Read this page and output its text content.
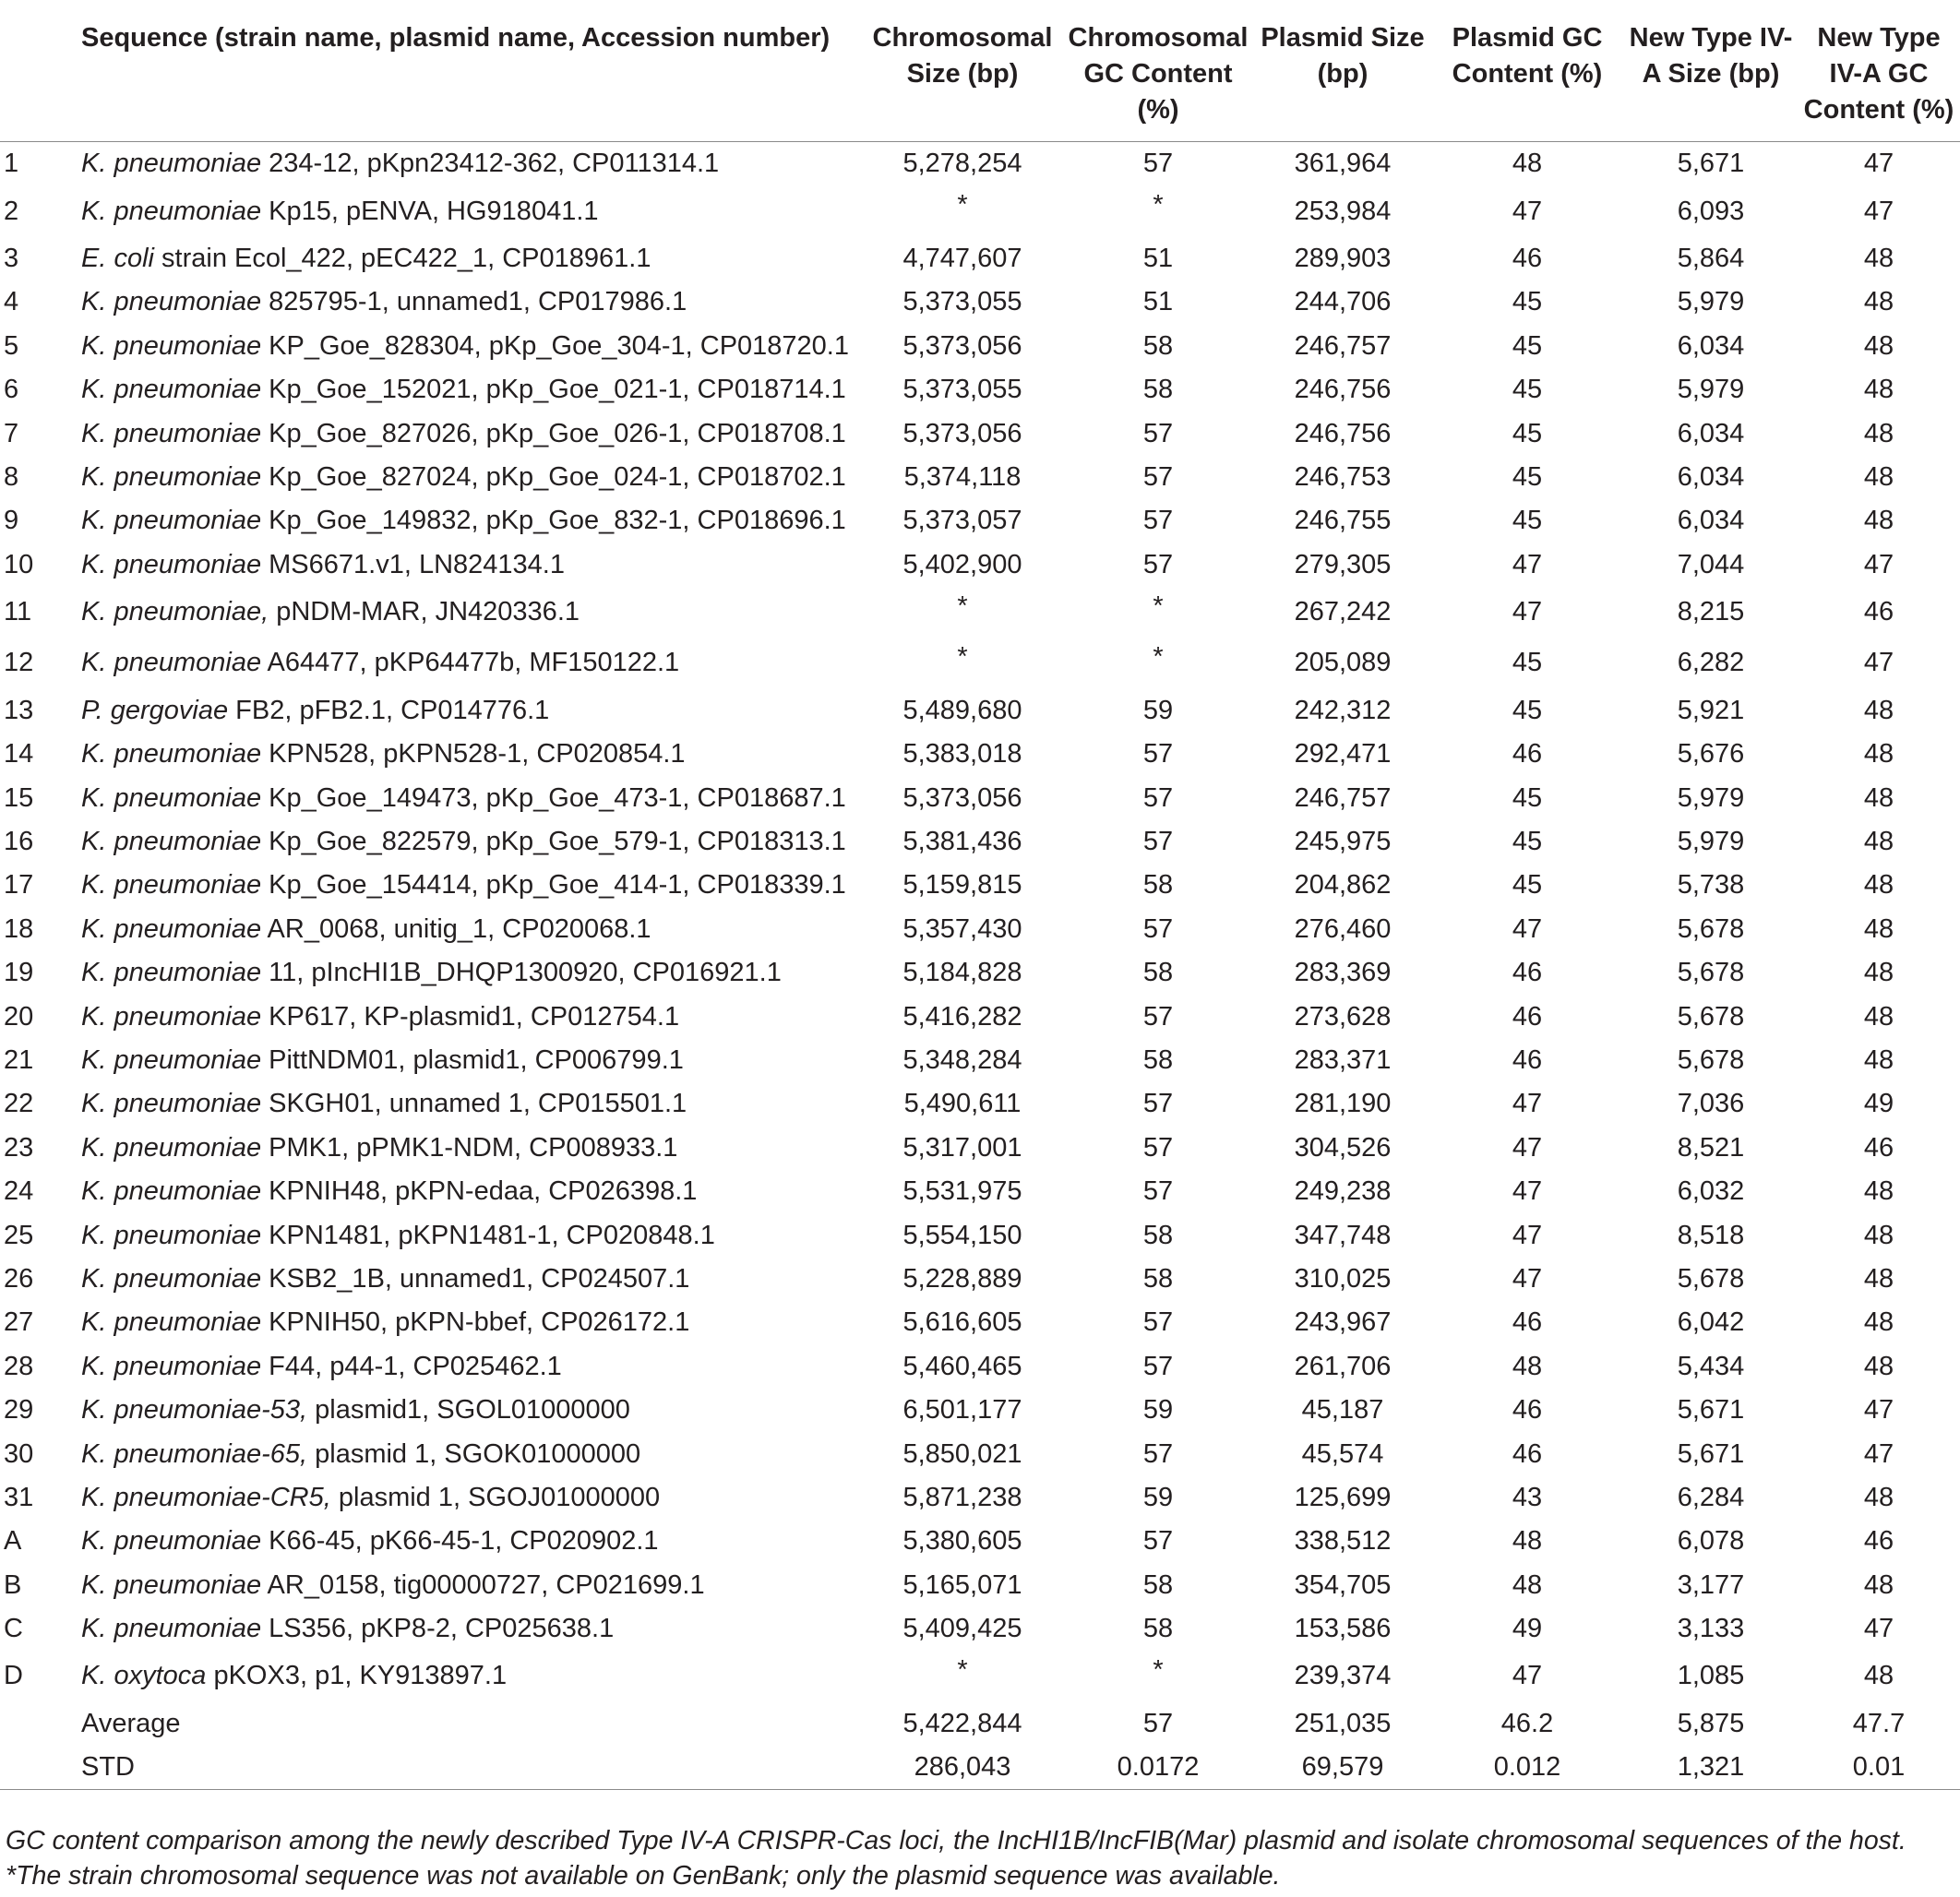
	Sequence (strain name, plasmid name, Accession number)	Chromosomal Size (bp)	Chromosomal GC Content (%)	Plasmid Size (bp)	Plasmid GC Content (%)	New Type IV-A Size (bp)	New Type IV-A GC Content (%)
1	K. pneumoniae 234-12, pKpn23412-362, CP011314.1	5,278,254	57	361,964	48	5,671	47
2	K. pneumoniae Kp15, pENVA, HG918041.1	*	*	253,984	47	6,093	47
3	E. coli strain Ecol_422, pEC422_1, CP018961.1	4,747,607	51	289,903	46	5,864	48
4	K. pneumoniae 825795-1, unnamed1, CP017986.1	5,373,055	51	244,706	45	5,979	48
5	K. pneumoniae KP_Goe_828304, pKp_Goe_304-1, CP018720.1	5,373,056	58	246,757	45	6,034	48
6	K. pneumoniae Kp_Goe_152021, pKp_Goe_021-1, CP018714.1	5,373,055	58	246,756	45	5,979	48
7	K. pneumoniae Kp_Goe_827026, pKp_Goe_026-1, CP018708.1	5,373,056	57	246,756	45	6,034	48
8	K. pneumoniae Kp_Goe_827024, pKp_Goe_024-1, CP018702.1	5,374,118	57	246,753	45	6,034	48
9	K. pneumoniae Kp_Goe_149832, pKp_Goe_832-1, CP018696.1	5,373,057	57	246,755	45	6,034	48
10	K. pneumoniae MS6671.v1, LN824134.1	5,402,900	57	279,305	47	7,044	47
11	K. pneumoniae, pNDM-MAR, JN420336.1	*	*	267,242	47	8,215	46
12	K. pneumoniae A64477, pKP64477b, MF150122.1	*	*	205,089	45	6,282	47
13	P. gergoviae FB2, pFB2.1, CP014776.1	5,489,680	59	242,312	45	5,921	48
14	K. pneumoniae KPN528, pKPN528-1, CP020854.1	5,383,018	57	292,471	46	5,676	48
15	K. pneumoniae Kp_Goe_149473, pKp_Goe_473-1, CP018687.1	5,373,056	57	246,757	45	5,979	48
16	K. pneumoniae Kp_Goe_822579, pKp_Goe_579-1, CP018313.1	5,381,436	57	245,975	45	5,979	48
17	K. pneumoniae Kp_Goe_154414, pKp_Goe_414-1, CP018339.1	5,159,815	58	204,862	45	5,738	48
18	K. pneumoniae AR_0068, unitig_1, CP020068.1	5,357,430	57	276,460	47	5,678	48
19	K. pneumoniae 11, pIncHI1B_DHQP1300920, CP016921.1	5,184,828	58	283,369	46	5,678	48
20	K. pneumoniae KP617, KP-plasmid1, CP012754.1	5,416,282	57	273,628	46	5,678	48
21	K. pneumoniae PittNDM01, plasmid1, CP006799.1	5,348,284	58	283,371	46	5,678	48
22	K. pneumoniae SKGH01, unnamed 1, CP015501.1	5,490,611	57	281,190	47	7,036	49
23	K. pneumoniae PMK1, pPMK1-NDM, CP008933.1	5,317,001	57	304,526	47	8,521	46
24	K. pneumoniae KPNIH48, pKPN-edaa, CP026398.1	5,531,975	57	249,238	47	6,032	48
25	K. pneumoniae KPN1481, pKPN1481-1, CP020848.1	5,554,150	58	347,748	47	8,518	48
26	K. pneumoniae KSB2_1B, unnamed1, CP024507.1	5,228,889	58	310,025	47	5,678	48
27	K. pneumoniae KPNIH50, pKPN-bbef, CP026172.1	5,616,605	57	243,967	46	6,042	48
28	K. pneumoniae F44, p44-1, CP025462.1	5,460,465	57	261,706	48	5,434	48
29	K. pneumoniae-53, plasmid1, SGOL01000000	6,501,177	59	45,187	46	5,671	47
30	K. pneumoniae-65, plasmid 1, SGOK01000000	5,850,021	57	45,574	46	5,671	47
31	K. pneumoniae-CR5, plasmid 1, SGOJ01000000	5,871,238	59	125,699	43	6,284	48
A	K. pneumoniae K66-45, pK66-45-1, CP020902.1	5,380,605	57	338,512	48	6,078	46
B	K. pneumoniae AR_0158, tig00000727, CP021699.1	5,165,071	58	354,705	48	3,177	48
C	K. pneumoniae LS356, pKP8-2, CP025638.1	5,409,425	58	153,586	49	3,133	47
D	K. oxytoca pKOX3, p1, KY913897.1	*	*	239,374	47	1,085	48
	Average	5,422,844	57	251,035	46.2	5,875	47.7
	STD	286,043	0.0172	69,579	0.012	1,321	0.01
GC content comparison among the newly described Type IV-A CRISPR-Cas loci, the IncHI1B/IncFIB(Mar) plasmid and isolate chromosomal sequences of the host. *The strain chromosomal sequence was not available on GenBank; only the plasmid sequence was available.
